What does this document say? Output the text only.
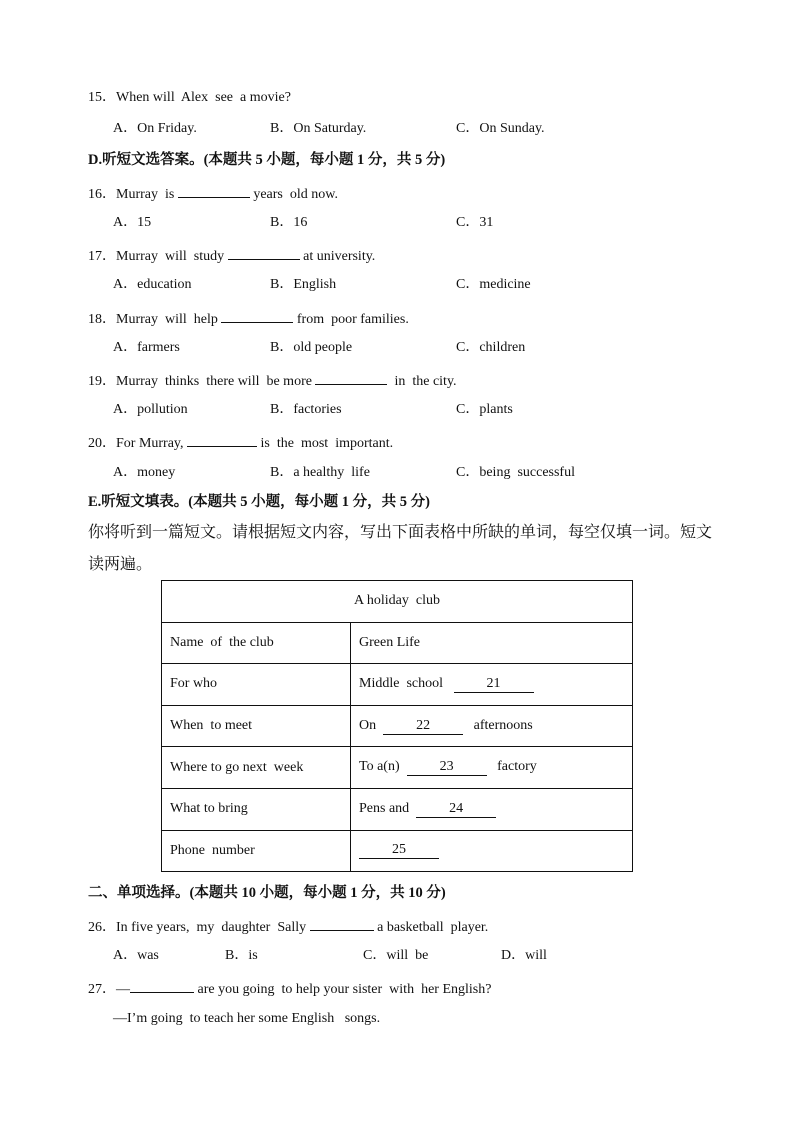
15．When will  Alex  see  a movie?
A．On Friday.	B．On Saturday.	C．On Sunday.
D.听短文选答案。(本题共 5 小题，每小题 1 分，共 5 分)
16．Murray  is	years  old now.
A．15	B．16	C．31
17．Murray  will  study	at university.
A．education	B．English	C．medicine
18．Murray  will  help	from  poor families.
A．farmers	B．old people	C．children
19．Murray  thinks  there will  be more	in  the city.
A．pollution	B．factories	C．plants
20．For Murray,	is  the  most  important.
A．money	B．a healthy  life	C．being  successful
E.听短文填表。(本题共 5 小题，每小题 1 分，共 5 分)
你将听到一篇短文。请根据短文内容，写出下面表格中所缺的单词，每空仅填一词。短文
读两遍。
A holiday  club	
Name  of  the club	Green Life
For who	Middle  school   21
When  to meet	On  22   afternoons
Where to go next  week	To a(n)  23   factory
What to bring	Pens and  24
Phone  number	25
二、单项选择。(本题共 10 小题，每小题 1 分，共 10 分)
26．In five years,  my  daughter  Sally	a basketball  player.
A．was	B．is	C．will  be	D．will
27．—	are you going  to help your sister  with  her English?
—I’m going  to teach her some English   songs.
